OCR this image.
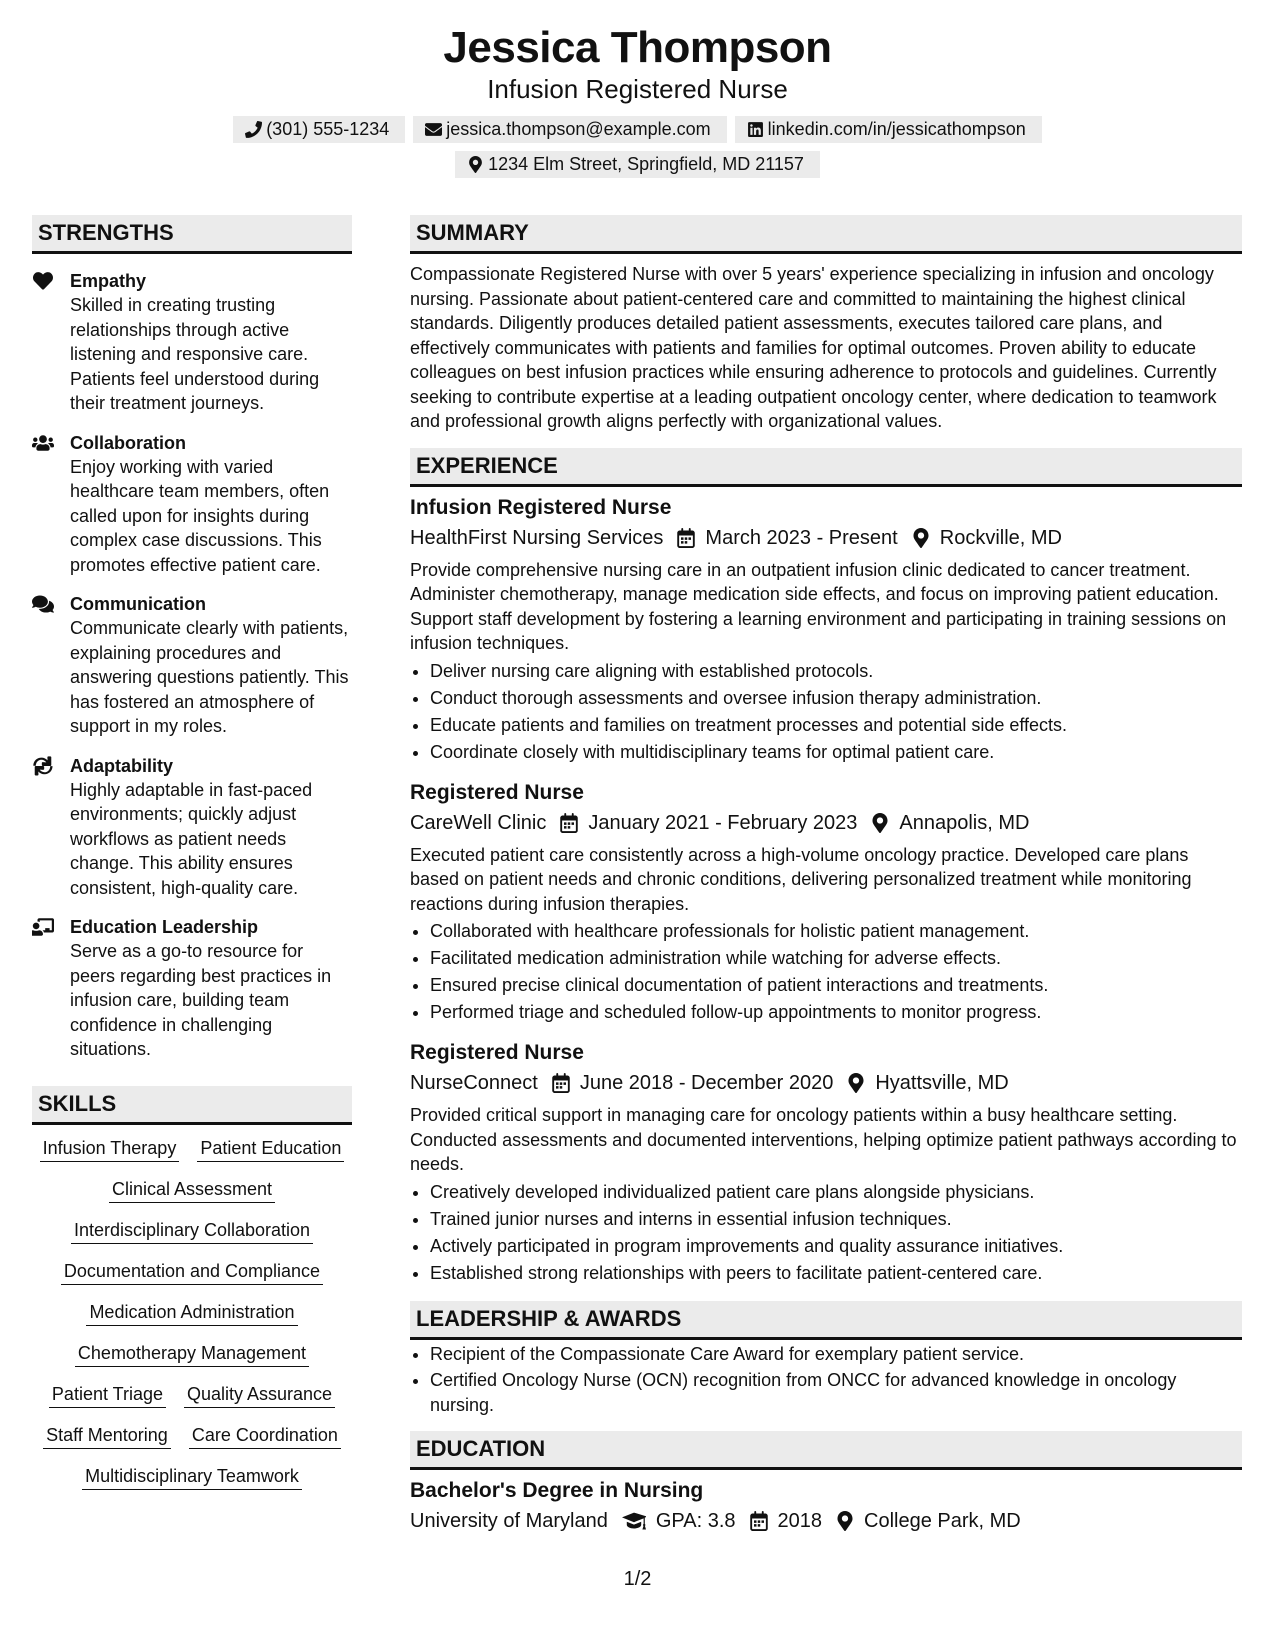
Jessica Thompson
Infusion Registered Nurse
(301) 555-1234	jessica.thompson@example.com	linkedin.com/in/jessicathompson
1234 Elm Street, Springfield, MD 21157
STRENGTHS
Empathy
Skilled in creating trusting relationships through active listening and responsive care. Patients feel understood during their treatment journeys.
Collaboration
Enjoy working with varied healthcare team members, often called upon for insights during complex case discussions. This promotes effective patient care.
Communication
Communicate clearly with patients, explaining procedures and answering questions patiently. This has fostered an atmosphere of support in my roles.
Adaptability
Highly adaptable in fast-paced environments; quickly adjust workflows as patient needs change. This ability ensures consistent, high-quality care.
Education Leadership
Serve as a go-to resource for peers regarding best practices in infusion care, building team confidence in challenging situations.
SKILLS
Infusion Therapy Patient Education
Clinical Assessment
Interdisciplinary Collaboration
Documentation and Compliance
Medication Administration
Chemotherapy Management
Patient Triage Quality Assurance
Staff Mentoring Care Coordination
Multidisciplinary Teamwork
SUMMARY
Compassionate Registered Nurse with over 5 years' experience specializing in infusion and oncology nursing. Passionate about patient-centered care and committed to maintaining the highest clinical standards. Diligently produces detailed patient assessments, executes tailored care plans, and effectively communicates with patients and families for optimal outcomes. Proven ability to educate colleagues on best infusion practices while ensuring adherence to protocols and guidelines. Currently seeking to contribute expertise at a leading outpatient oncology center, where dedication to teamwork and professional growth aligns perfectly with organizational values.
EXPERIENCE
Infusion Registered Nurse
HealthFirst Nursing Services March 2023 - Present Rockville, MD
Provide comprehensive nursing care in an outpatient infusion clinic dedicated to cancer treatment. Administer chemotherapy, manage medication side effects, and focus on improving patient education. Support staff development by fostering a learning environment and participating in training sessions on infusion techniques.
• Deliver nursing care aligning with established protocols.
• Conduct thorough assessments and oversee infusion therapy administration.
• Educate patients and families on treatment processes and potential side effects.
• Coordinate closely with multidisciplinary teams for optimal patient care.
Registered Nurse
CareWell Clinic January 2021 - February 2023 Annapolis, MD
Executed patient care consistently across a high-volume oncology practice. Developed care plans based on patient needs and chronic conditions, delivering personalized treatment while monitoring reactions during infusion therapies.
• Collaborated with healthcare professionals for holistic patient management.
• Facilitated medication administration while watching for adverse effects.
• Ensured precise clinical documentation of patient interactions and treatments.
• Performed triage and scheduled follow-up appointments to monitor progress.
Registered Nurse
NurseConnect June 2018 - December 2020 Hyattsville, MD
Provided critical support in managing care for oncology patients within a busy healthcare setting. Conducted assessments and documented interventions, helping optimize patient pathways according to needs.
• Creatively developed individualized patient care plans alongside physicians.
• Trained junior nurses and interns in essential infusion techniques.
• Actively participated in program improvements and quality assurance initiatives.
• Established strong relationships with peers to facilitate patient-centered care.
LEADERSHIP & AWARDS
• Recipient of the Compassionate Care Award for exemplary patient service.
• Certified Oncology Nurse (OCN) recognition from ONCC for advanced knowledge in oncology nursing.
EDUCATION
Bachelor's Degree in Nursing
University of Maryland GPA: 3.8 2018 College Park, MD
1/2
